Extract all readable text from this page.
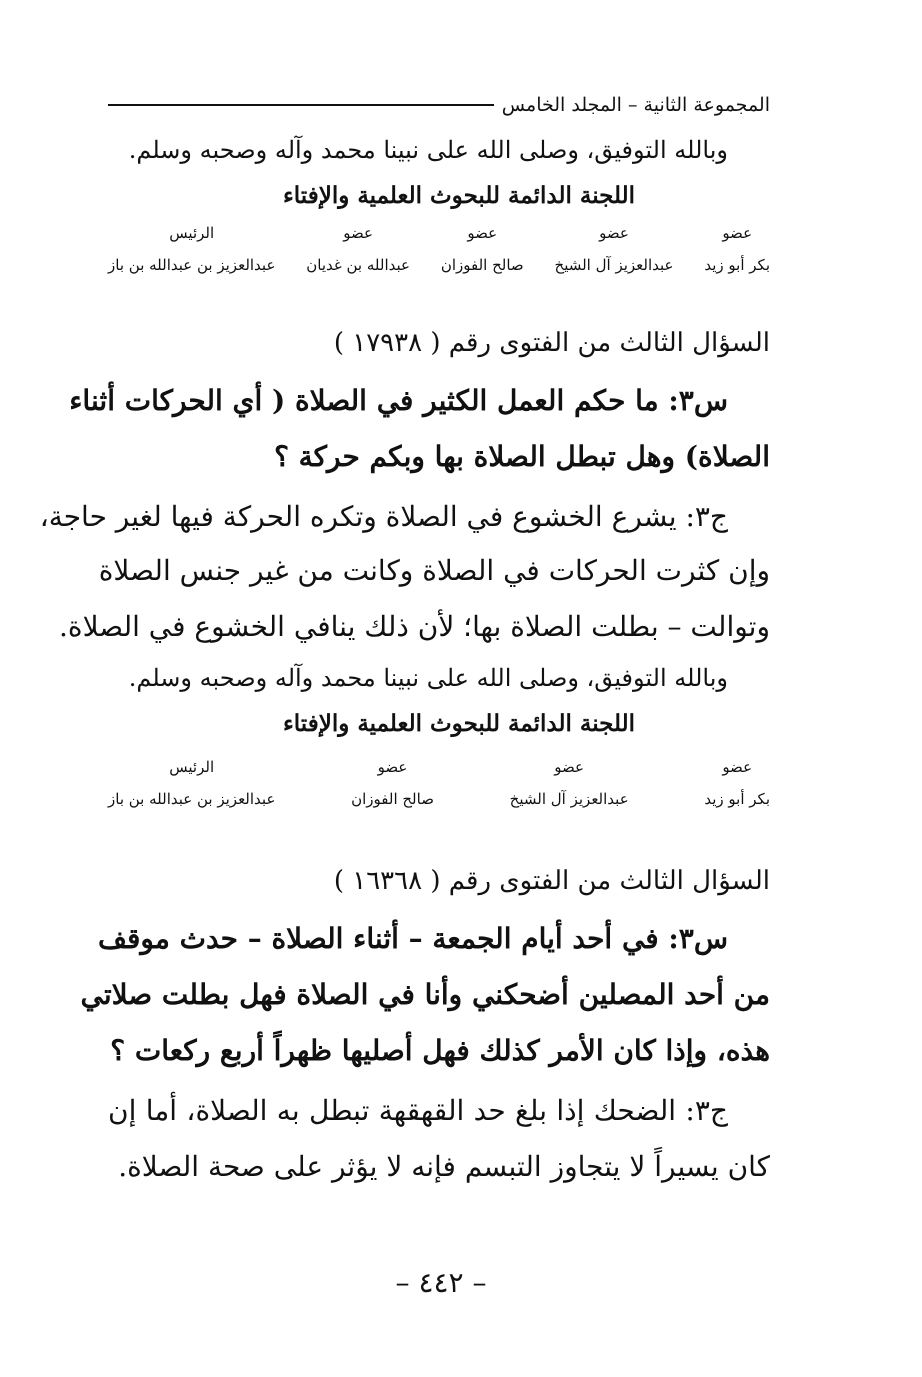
المجموعة الثانية – المجلد الخامس
وبالله التوفيق، وصلى الله على نبينا محمد وآله وصحبه وسلم.
اللجنة الدائمة للبحوث العلمية والإفتاء
عضو
بكر أبو زيد
عضو
عبدالعزيز آل الشيخ
عضو
صالح الفوزان
عضو
عبدالله بن غديان
الرئيس
عبدالعزيز بن عبدالله بن باز
السؤال الثالث من الفتوى رقم ( ١٧٩٣٨ )
س٣: ما حكم العمل الكثير في الصلاة ( أي الحركات أثناء
الصلاة) وهل تبطل الصلاة بها وبكم حركة ؟
ج٣: يشرع الخشوع في الصلاة وتكره الحركة فيها لغير حاجة،
وإن كثرت الحركات في الصلاة وكانت من غير جنس الصلاة
وتوالت – بطلت الصلاة بها؛ لأن ذلك ينافي الخشوع في الصلاة.
وبالله التوفيق، وصلى الله على نبينا محمد وآله وصحبه وسلم.
اللجنة الدائمة للبحوث العلمية والإفتاء
عضو
بكر أبو زيد
عضو
عبدالعزيز آل الشيخ
عضو
صالح الفوزان
الرئيس
عبدالعزيز بن عبدالله بن باز
السؤال الثالث من الفتوى رقم ( ١٦٣٦٨ )
س٣: في أحد أيام الجمعة – أثناء الصلاة – حدث موقف
من أحد المصلين أضحكني وأنا في الصلاة فهل بطلت صلاتي
هذه، وإذا كان الأمر كذلك فهل أصليها ظهراً أربع ركعات ؟
ج٣: الضحك إذا بلغ حد القهقهة تبطل به الصلاة، أما إن
كان يسيراً لا يتجاوز التبسم فإنه لا يؤثر على صحة الصلاة.
– ٤٤٢ –
